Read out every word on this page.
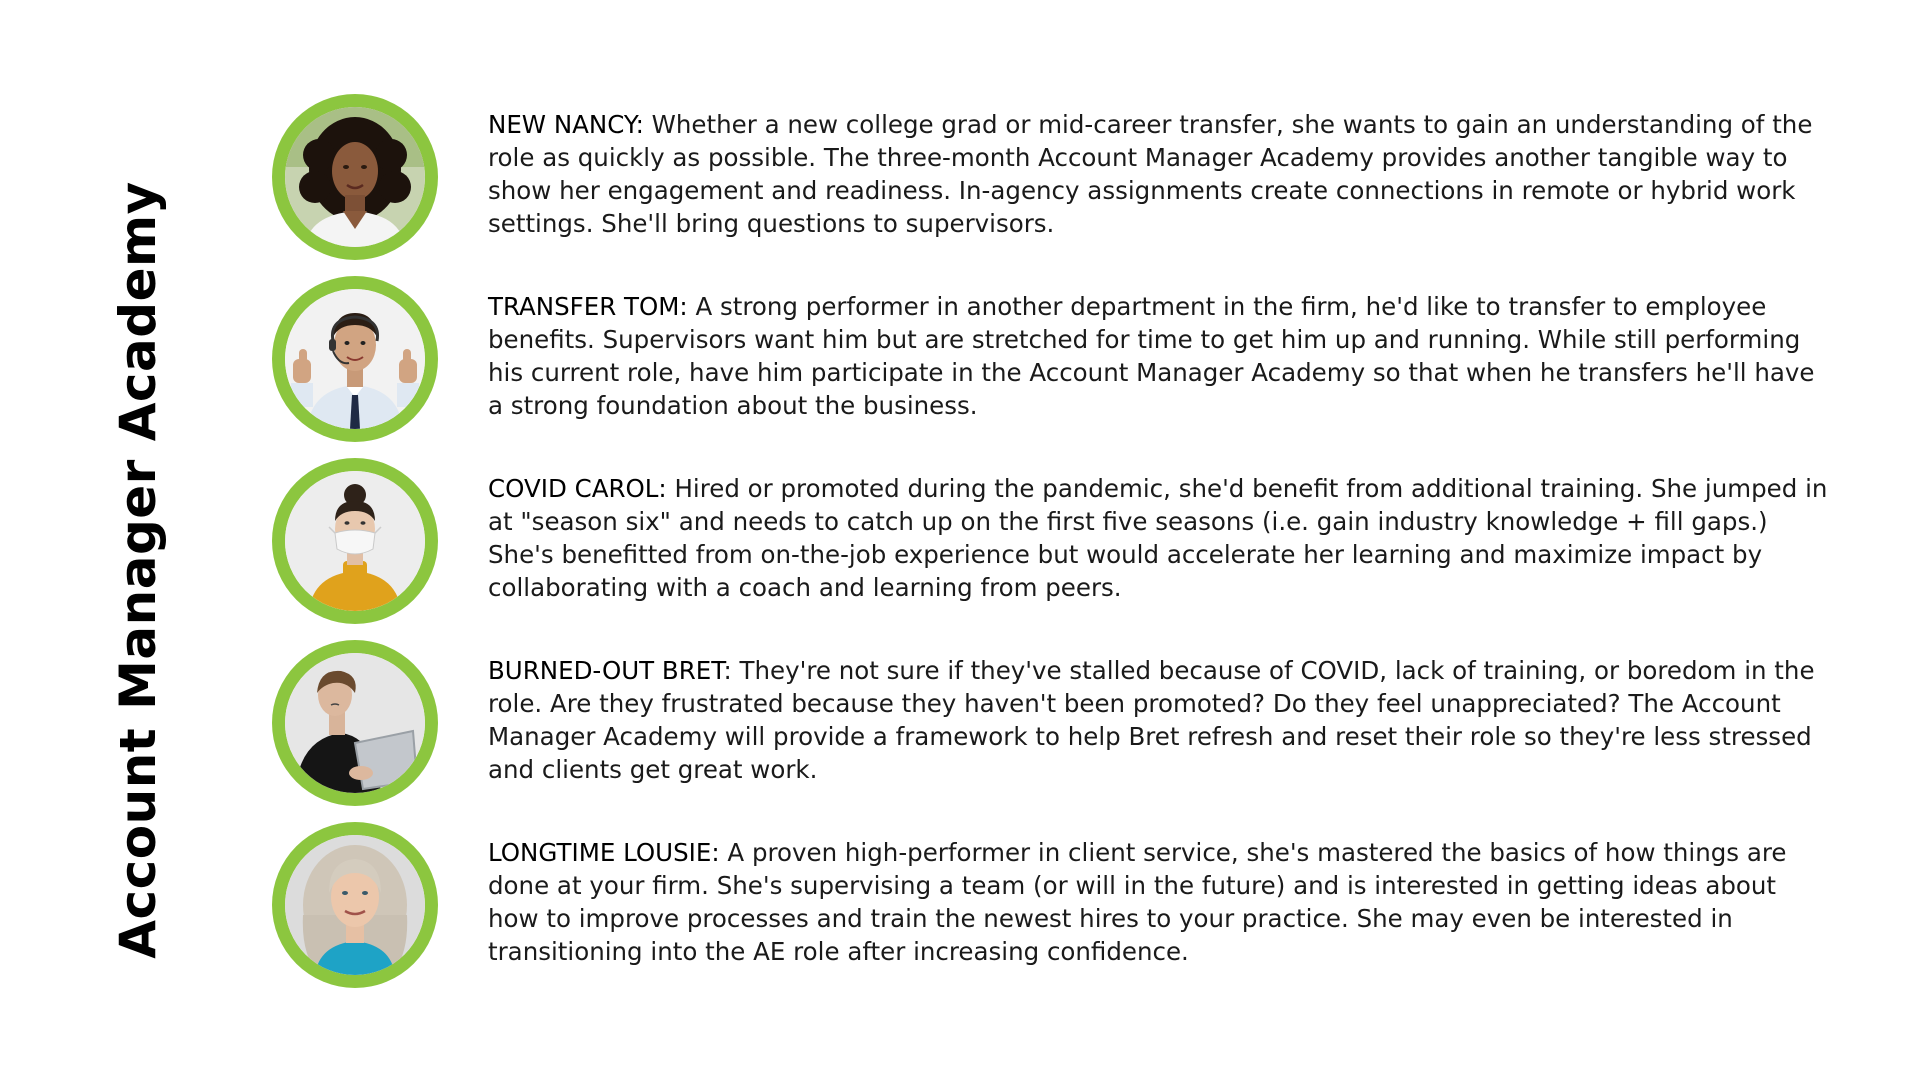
Account Manager Academy
NEW NANCY: Whether a new college grad or mid-career transfer, she wants to gain an understanding of the role as quickly as possible. The three-month Account Manager Academy provides another tangible way to show her engagement and readiness. In-agency assignments create connections in remote or hybrid work settings. She'll bring questions to supervisors.
TRANSFER TOM: A strong performer in another department in the firm, he'd like to transfer to employee benefits. Supervisors want him but are stretched for time to get him up and running. While still performing his current role, have him participate in the Account Manager Academy so that when he transfers he'll have a strong foundation about the business.
COVID CAROL: Hired or promoted during the pandemic, she'd benefit from additional training. She jumped in at "season six" and needs to catch up on the first five seasons (i.e. gain industry knowledge + fill gaps.) She's benefitted from on-the-job experience but would accelerate her learning and maximize impact by collaborating with a coach and learning from peers.
BURNED-OUT BRET: They're not sure if they've stalled because of COVID, lack of training, or boredom in the role. Are they frustrated because they haven't been promoted? Do they feel unappreciated? The Account Manager Academy will provide a framework to help Bret refresh and reset their role so they're less stressed and clients get great work.
LONGTIME LOUSIE: A proven high-performer in client service, she's mastered the basics of how things are done at your firm. She's supervising a team (or will in the future) and is interested in getting ideas about how to improve processes and train the newest hires to your practice. She may even be interested in transitioning into the AE role after increasing confidence.
